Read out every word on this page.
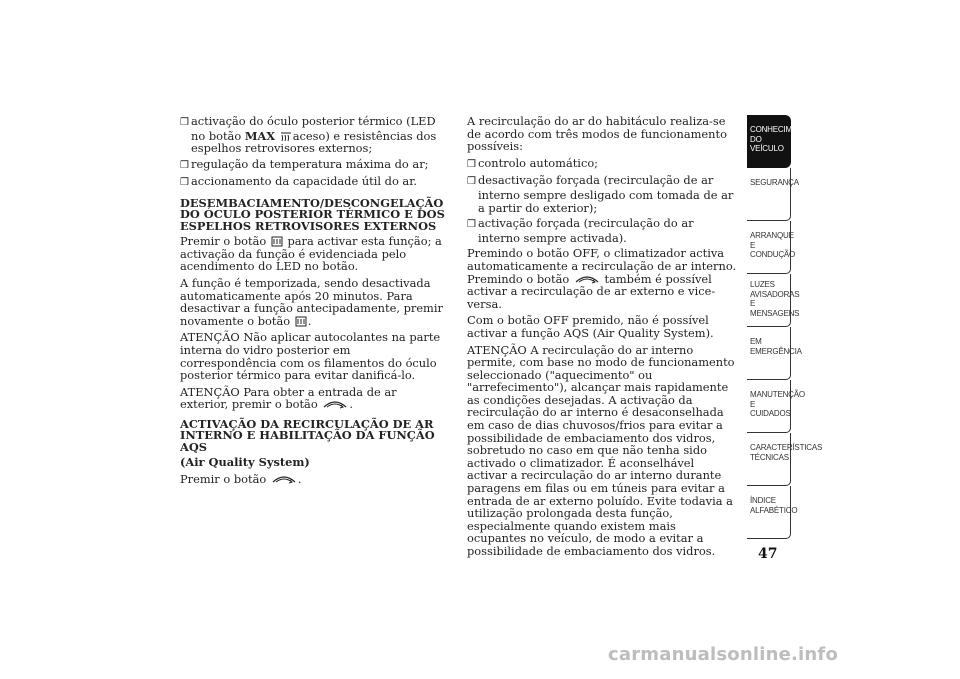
❒ activação do óculo posterior térmico (LED no botão MAX aceso) e resistências dos espelhos retrovisores externos;

❒ regulação da temperatura máxima do ar;

❒ accionamento da capacidade útil do ar.

DESEMBACIAMENTO/DESCONGELAÇÃO DO ÓCULO POSTERIOR TÉRMICO E DOS ESPELHOS RETROVISORES EXTERNOS

Premir o botão para activar esta função; a activação da função é evidenciada pelo acendimento do LED no botão.

A função é temporizada, sendo desactivada automaticamente após 20 minutos. Para desactivar a função antecipadamente, premir novamente o botão .

ATENÇÃO Não aplicar autocolantes na parte interna do vidro posterior em correspondência com os filamentos do óculo posterior térmico para evitar danificá-lo.

ATENÇÃO Para obter a entrada de ar exterior, premir o botão	.

ACTIVAÇÃO DA RECIRCULAÇÃO DE AR INTERNO E HABILITAÇÃO DA FUNÇÃO AQS

(Air Quality System)

Premir o botão	.

A recirculação do ar do habitáculo realiza-se de acordo com três modos de funcionamento possíveis:

❒ controlo automático;

❒ desactivação forçada (recirculação de ar interno sempre desligado com tomada de ar a partir do exterior);

❒ activação forçada (recirculação do ar interno sempre activada).

Premindo o botão OFF, o climatizador activa automaticamente a recirculação de ar interno. Premindo o botão	também é possível activar a recirculação de ar externo e vice-versa.

Com o botão OFF premido, não é possível activar a função AQS (Air Quality System).

ATENÇÃO A recirculação do ar interno permite, com base no modo de funcionamento seleccionado ("aquecimento" ou "arrefecimento"), alcançar mais rapidamente as condições desejadas. A activação da recirculação do ar interno é desaconselhada em caso de dias chuvosos/frios para evitar a possibilidade de embaciamento dos vidros, sobretudo no caso em que não tenha sido activado o climatizador. É aconselhável activar a recirculação do ar interno durante paragens em filas ou em túneis para evitar a entrada de ar externo poluído. Evite todavia a utilização prolongada desta função, especialmente quando existem mais ocupantes no veículo, de modo a evitar a possibilidade de embaciamento dos vidros.

CONHECIMENTO
DO VEÍCULO
SEGURANÇA
ARRANQUE E
CONDUÇÃO
LUZES
AVISADORAS E
MENSAGENS
EM EMERGÊNCIA
MANUTENÇÃO E
CUIDADOS
CARACTERÍSTICAS
TÉCNICAS
ÍNDICE
ALFABÉTICO
47
carmanualsonline.info
